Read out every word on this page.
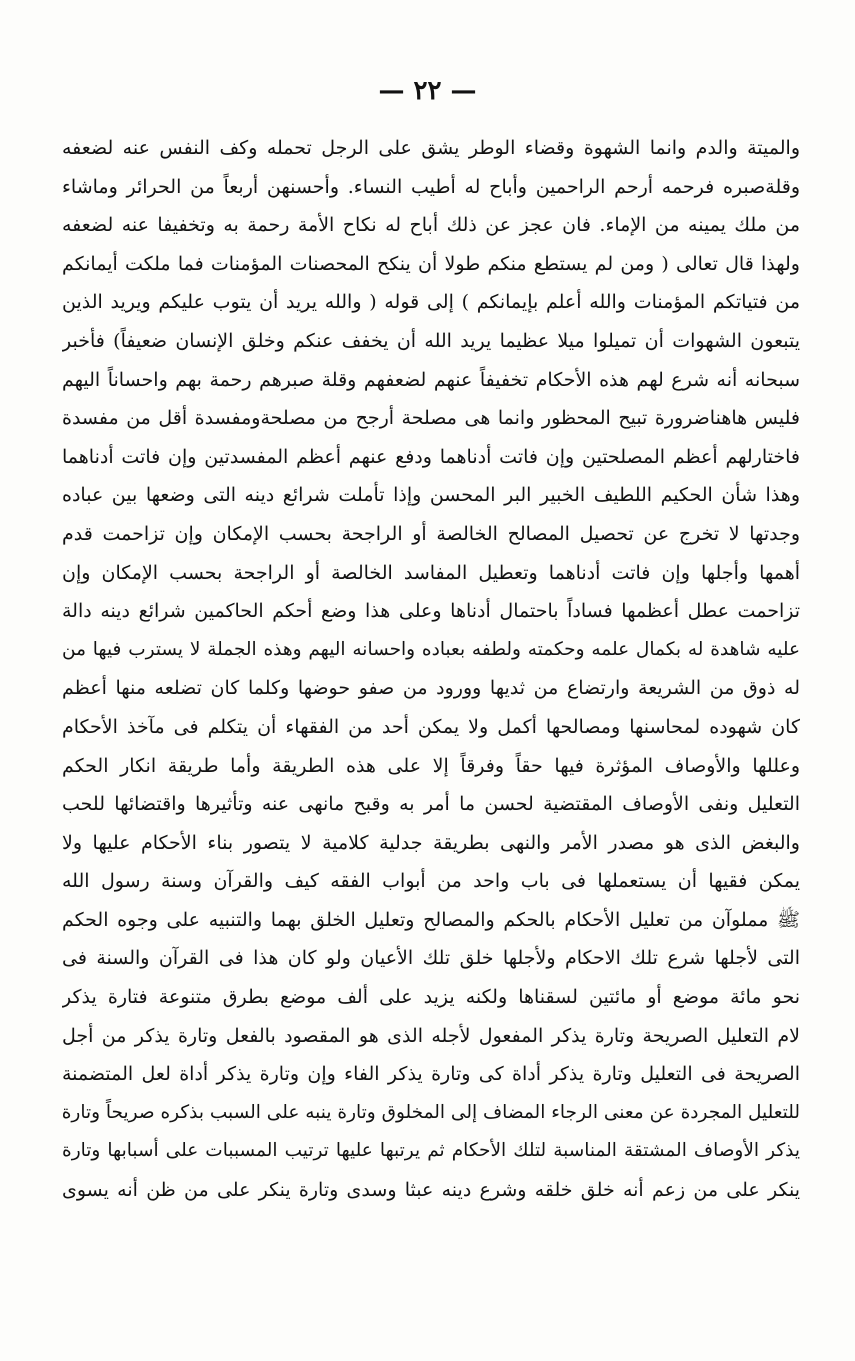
— ٢٢ —
والميتة والدم وانما الشهوة وقضاء الوطر يشق على الرجل تحمله وكف النفس عنه لضعفه
وقلةصبره فرحمه أرحم الراحمين وأباح له أطيب النساء. وأحسنهن أربعاً من الحرائر وماشاء
من ملك يمينه من الإماء. فان عجز عن ذلك أباح له نكاح الأمة رحمة به وتخفيفا عنه لضعفه
ولهذا قال تعالى ( ومن لم يستطع منكم طولا أن ينكح المحصنات المؤمنات فما ملكت أيمانكم
من فتياتكم المؤمنات والله أعلم بإيمانكم ) إلى قوله ( والله يريد أن يتوب عليكم ويريد الذين
يتبعون الشهوات أن تميلوا ميلا عظيما يريد الله أن يخفف عنكم وخلق الإنسان ضعيفاً) فأخبر
سبحانه أنه شرع لهم هذه الأحكام تخفيفاً عنهم لضعفهم وقلة صبرهم رحمة بهم واحساناً اليهم
فليس هاهناضرورة تبيح المحظور وانما هى مصلحة أرجح من مصلحةومفسدة أقل من مفسدة
فاختارلهم أعظم المصلحتين وإن فاتت أدناهما ودفع عنهم أعظم المفسدتين وإن فاتت أدناهما
وهذا شأن الحكيم اللطيف الخبير البر المحسن وإذا تأملت شرائع دينه التى وضعها بين عباده
وجدتها لا تخرج عن تحصيل المصالح الخالصة أو الراجحة بحسب الإمكان وإن تزاحمت قدم
أهمها وأجلها وإن فاتت أدناهما وتعطيل المفاسد الخالصة أو الراجحة بحسب الإمكان وإن
تزاحمت عطل أعظمها فساداً باحتمال أدناها وعلى هذا وضع أحكم الحاكمين شرائع دينه دالة
عليه شاهدة له بكمال علمه وحكمته ولطفه بعباده واحسانه اليهم وهذه الجملة لا يسترب فيها من
له ذوق من الشريعة وارتضاع من ثديها وورود من صفو حوضها وكلما كان تضلعه منها أعظم
كان شهوده لمحاسنها ومصالحها أكمل ولا يمكن أحد من الفقهاء أن يتكلم فى مآخذ الأحكام
وعللها والأوصاف المؤثرة فيها حقاً وفرقاً إلا على هذه الطريقة وأما طريقة انكار الحكم
التعليل ونفى الأوصاف المقتضية لحسن ما أمر به وقبح مانهى عنه وتأثيرها واقتضائها للحب
والبغض الذى هو مصدر الأمر والنهى بطريقة جدلية كلامية لا يتصور بناء الأحكام عليها ولا
يمكن فقيها أن يستعملها فى باب واحد من أبواب الفقه كيف والقرآن وسنة رسول الله
ﷺ مملوآن من تعليل الأحكام بالحكم والمصالح وتعليل الخلق بهما والتنبيه على وجوه الحكم
التى لأجلها شرع تلك الاحكام ولأجلها خلق تلك الأعيان ولو كان هذا فى القرآن والسنة فى
نحو مائة موضع أو مائتين لسقناها ولكنه يزيد على ألف موضع بطرق متنوعة فتارة يذكر
لام التعليل الصريحة وتارة يذكر المفعول لأجله الذى هو المقصود بالفعل وتارة يذكر من أجل
الصريحة فى التعليل وتارة يذكر أداة كى وتارة يذكر الفاء وإن وتارة يذكر أداة لعل المتضمنة
للتعليل المجردة عن معنى الرجاء المضاف إلى المخلوق وتارة ينبه على السبب بذكره صريحاً وتارة
يذكر الأوصاف المشتقة المناسبة لتلك الأحكام ثم يرتبها عليها ترتيب المسببات على أسبابها وتارة
ينكر على من زعم أنه خلق خلقه وشرع دينه عبثا وسدى وتارة ينكر على من ظن أنه يسوى
